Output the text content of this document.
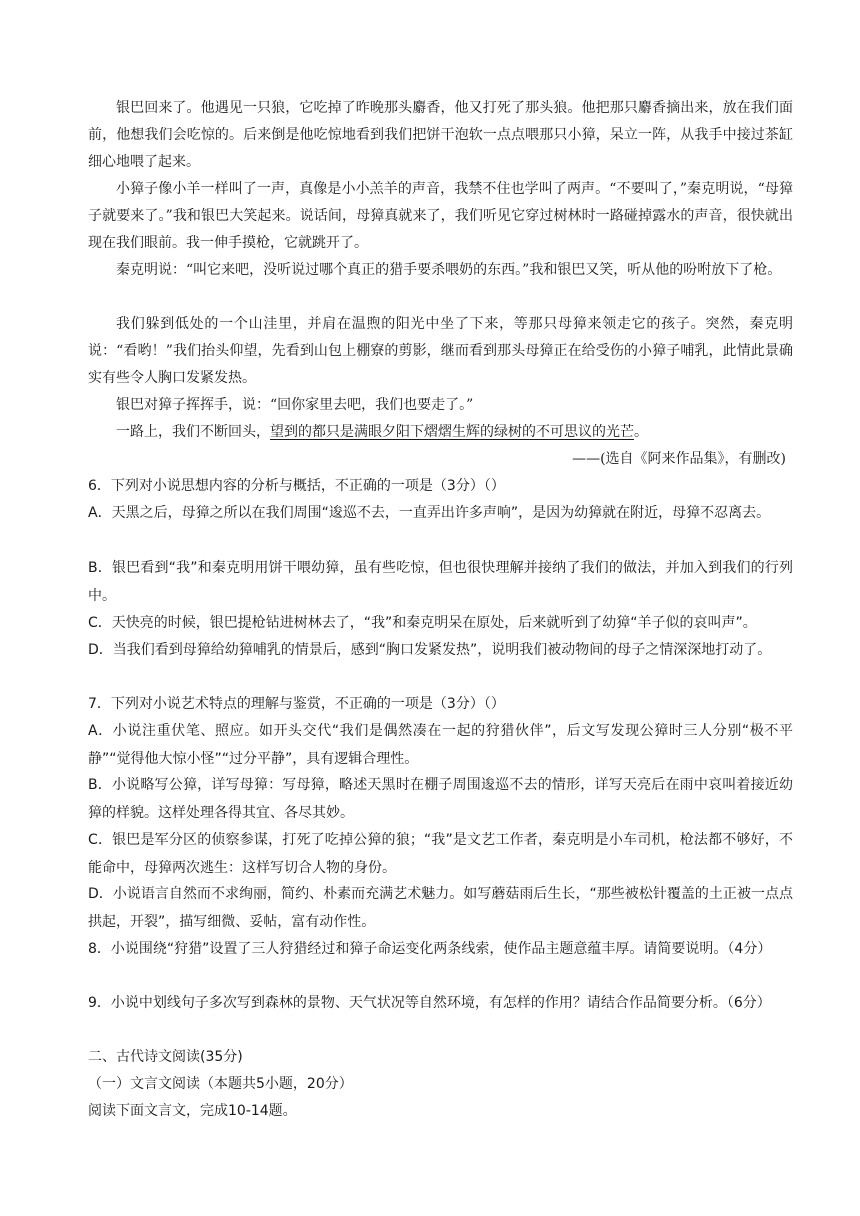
银巴回来了。他遇见一只狼，它吃掉了昨晚那头麝香，他又打死了那头狼。他把那只麝香摘出来，放在我们面前，他想我们会吃惊的。后来倒是他吃惊地看到我们把饼干泡软一点点喂那只小獐，呆立一阵，从我手中接过茶缸细心地喂了起来。

小獐子像小羊一样叫了一声，真像是小小羔羊的声音，我禁不住也学叫了两声。“不要叫了，”秦克明说，“母獐子就要来了。”我和银巴大笑起来。说话间，母獐真就来了，我们听见它穿过树林时一路碰掉露水的声音，很快就出现在我们眼前。我一伸手摸枪，它就跳开了。

秦克明说：“叫它来吧，没听说过哪个真正的猎手要杀喂奶的东西。”我和银巴又笑，听从他的吩咐放下了枪。

我们躲到低处的一个山洼里，并肩在温煦的阳光中坐了下来，等那只母獐来领走它的孩子。突然，秦克明说：“看哟！”我们抬头仰望，先看到山包上棚寮的剪影，继而看到那头母獐正在给受伤的小獐子哺乳，此情此景确实有些令人胸口发紧发热。

银巴对獐子挥挥手，说：“回你家里去吧，我们也要走了。”

一路上，我们不断回头，望到的都只是满眼夕阳下熠熠生辉的绿树的不可思议的光芒。

——(选自《阿来作品集》，有删改)

6．下列对小说思想内容的分析与概括，不正确的一项是（3分）（）

A．天黑之后，母獐之所以在我们周围“逡巡不去，一直弄出许多声响”，是因为幼獐就在附近，母獐不忍离去。

B．银巴看到“我”和秦克明用饼干喂幼獐，虽有些吃惊，但也很快理解并接纳了我们的做法，并加入到我们的行列中。

C．天快亮的时候，银巴提枪钻进树林去了，“我”和秦克明呆在原处，后来就听到了幼獐“羊子似的哀叫声”。

D．当我们看到母獐给幼獐哺乳的情景后，感到“胸口发紧发热”，说明我们被动物间的母子之情深深地打动了。

7．下列对小说艺术特点的理解与鉴赏，不正确的一项是（3分）（）

A．小说注重伏笔、照应。如开头交代“我们是偶然凑在一起的狩猎伙伴”，后文写发现公獐时三人分别“极不平静”“觉得他大惊小怪”“过分平静”，具有逻辑合理性。

B．小说略写公獐，详写母獐：写母獐，略述天黑时在棚子周围逡巡不去的情形，详写天亮后在雨中哀叫着接近幼獐的样貌。这样处理各得其宜、各尽其妙。

C．银巴是军分区的侦察参谋，打死了吃掉公獐的狼；“我”是文艺工作者，秦克明是小车司机，枪法都不够好，不能命中，母獐两次逃生：这样写切合人物的身份。

D．小说语言自然而不求绚丽，简约、朴素而充满艺术魅力。如写蘑菇雨后生长，“那些被松针覆盖的土正被一点点拱起，开裂”，描写细微、妥帖，富有动作性。

8．小说围绕“狩猎”设置了三人狩猎经过和獐子命运变化两条线索，使作品主题意蕴丰厚。请简要说明。（4分）

9．小说中划线句子多次写到森林的景物、天气状况等自然环境，有怎样的作用？请结合作品简要分析。（6分）

二、古代诗文阅读(35分)

（一）文言文阅读（本题共5小题，20分）

阅读下面文言文，完成10-14题。
